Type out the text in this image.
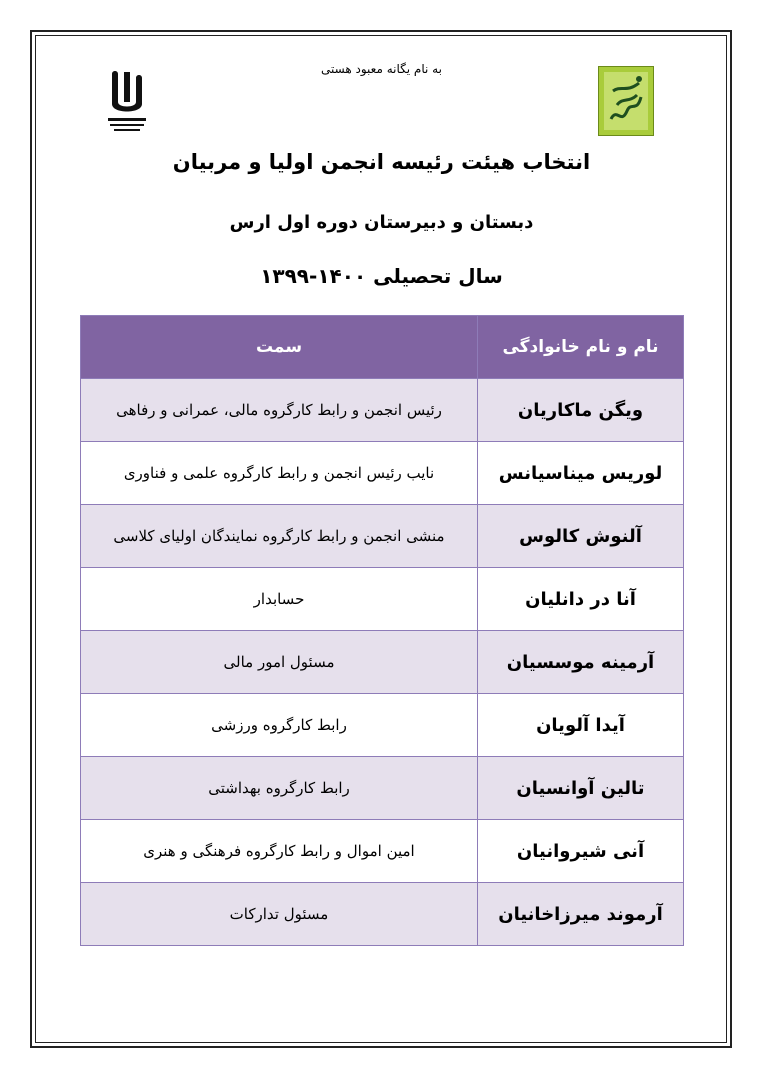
به نام یگانه معبود هستی
انتخاب هیئت رئیسه انجمن اولیا و مربیان
دبستان و دبیرستان دوره اول ارس
سال تحصیلی ۱۴۰۰-۱۳۹۹
نام و نام خانوادگی	سمت
ویگن ماکاریان	رئیس انجمن و رابط کارگروه مالی، عمرانی و رفاهی
لوریس میناسیانس	نایب رئیس انجمن و رابط کارگروه علمی و فناوری
آلنوش کالوس	منشی انجمن و رابط کارگروه نمایندگان اولیای کلاسی
آنا در دانلیان	حسابدار
آرمینه موسسیان	مسئول امور مالی
آیدا آلویان	رابط کارگروه ورزشی
تالین آوانسیان	رابط کارگروه بهداشتی
آنی شیروانیان	امین اموال و رابط کارگروه فرهنگی و هنری
آرموند میرزاخانیان	مسئول تدارکات
